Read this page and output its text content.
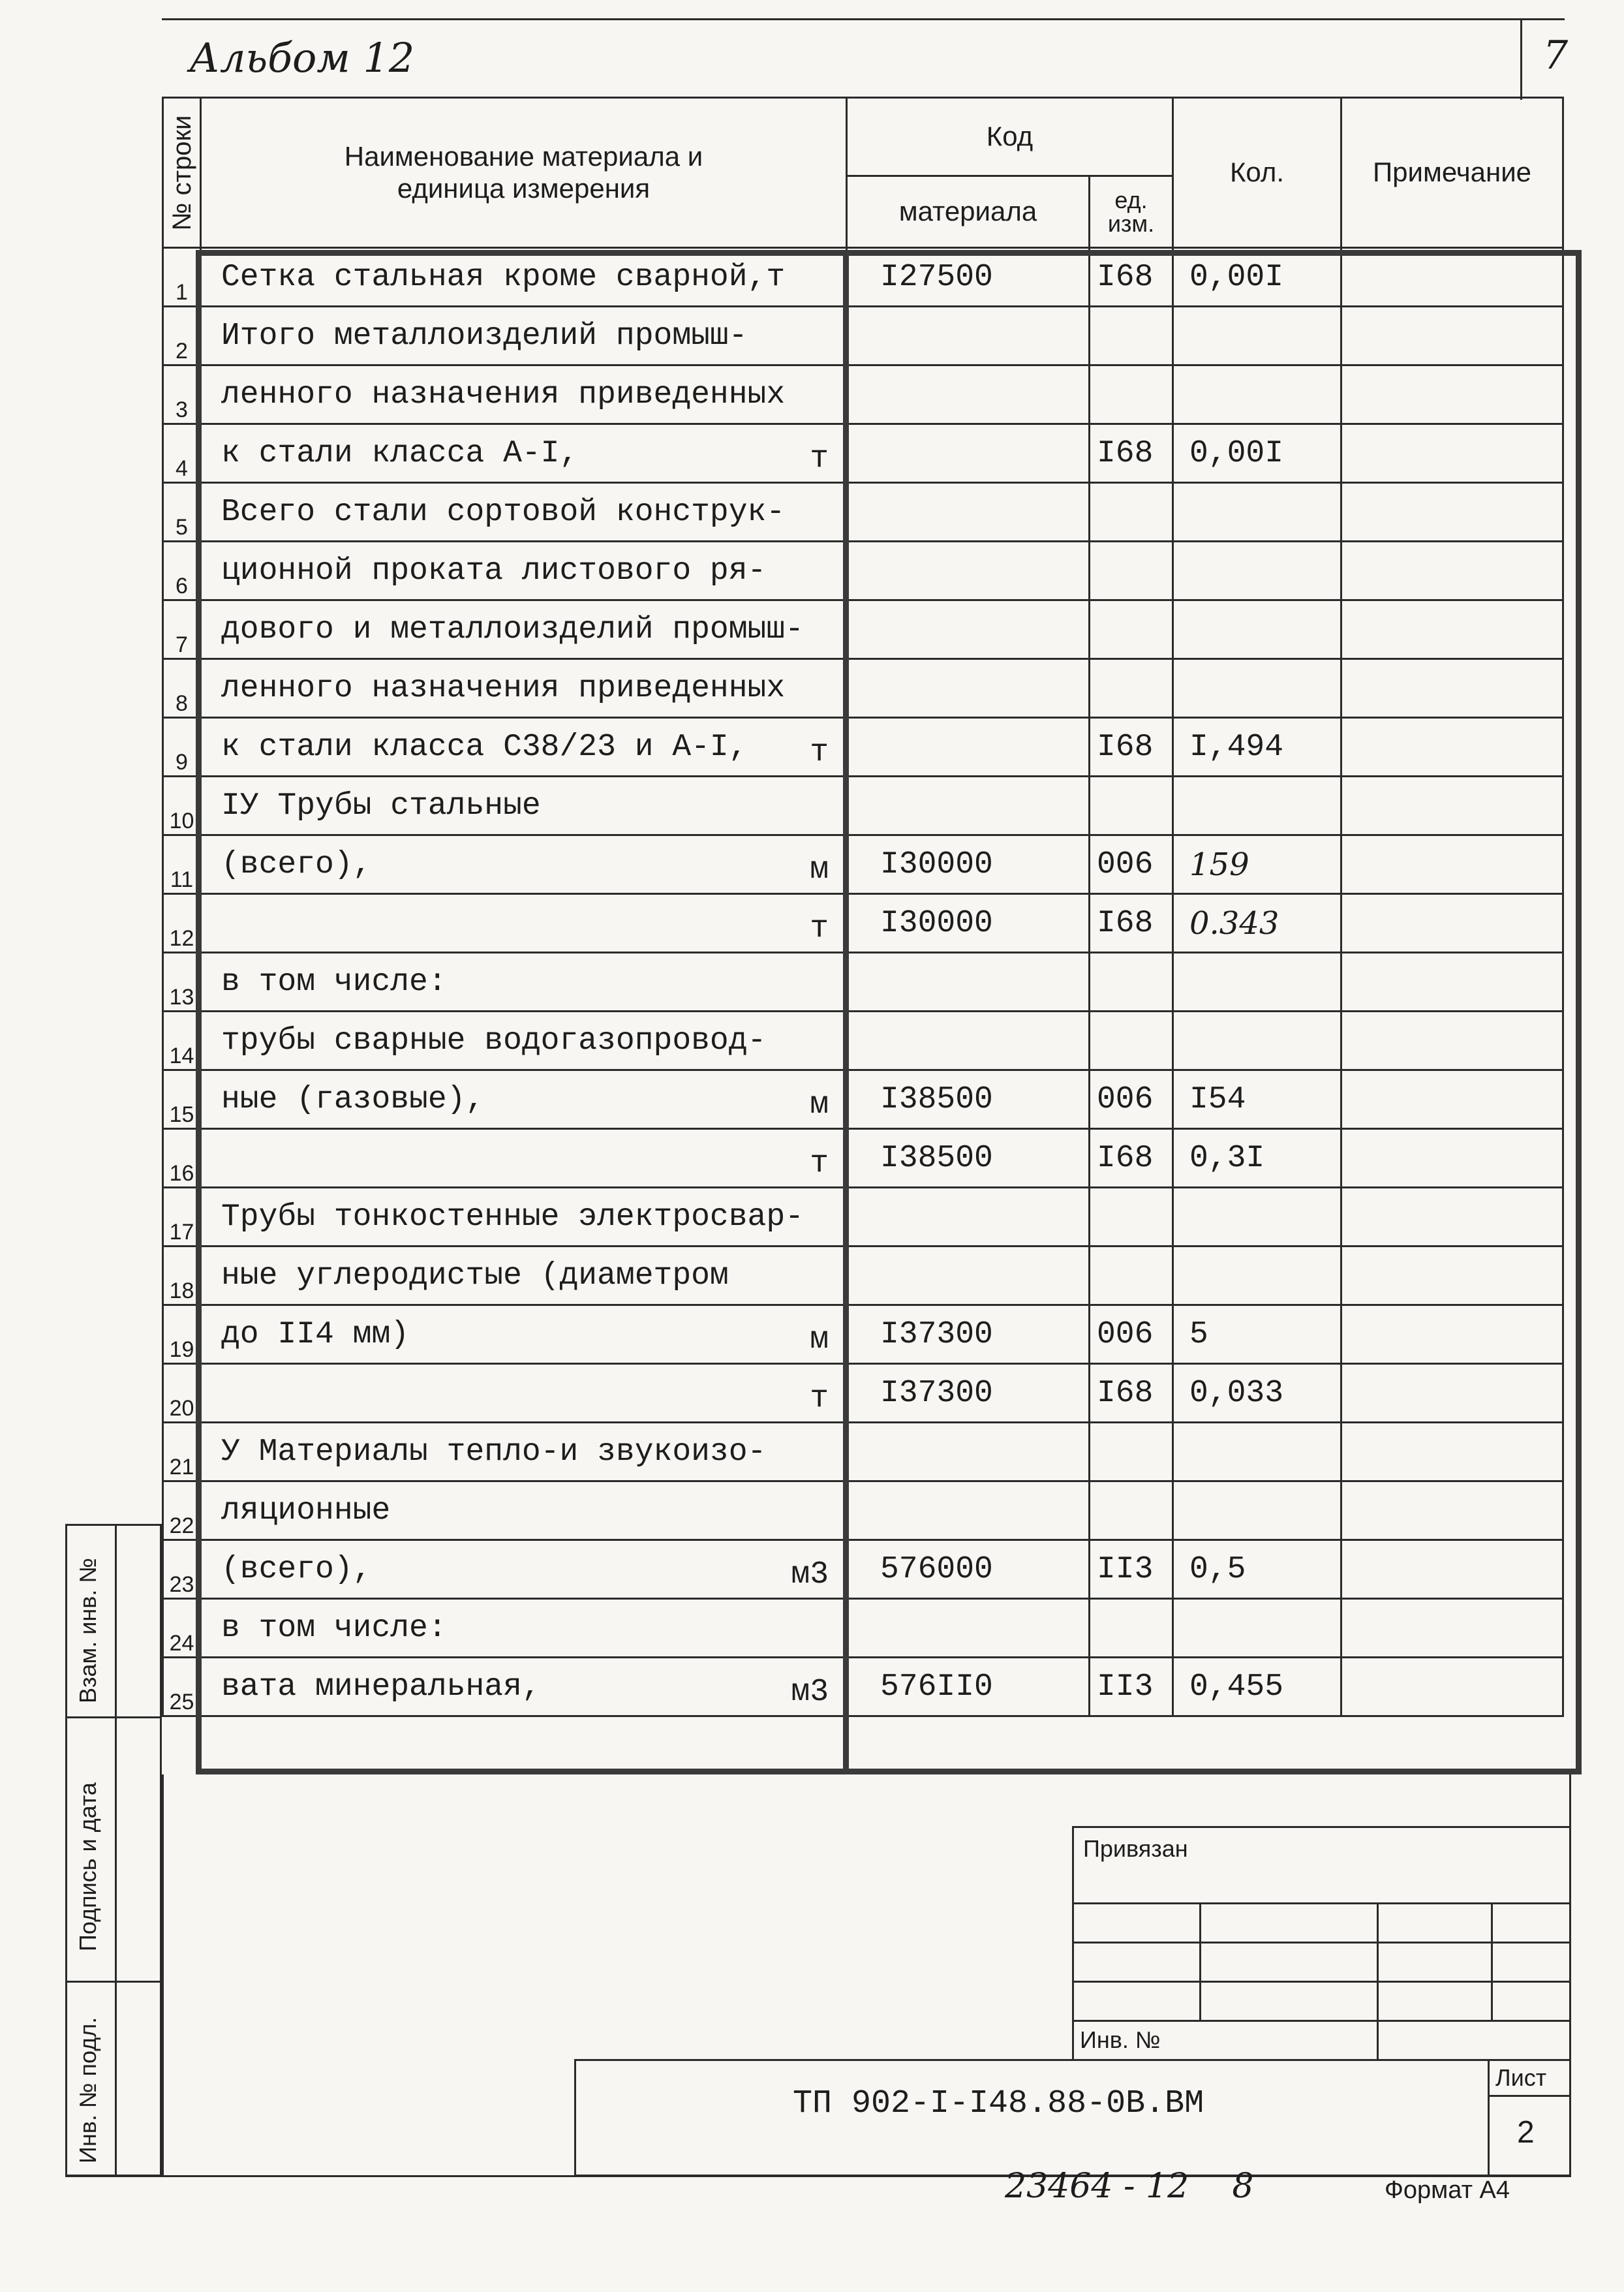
Альбом 12	7
№ строки	Наименование материала и единица измерения	Код		Кол.	Примечание
		материала	ед. изм.		

1	Сетка стальная кроме сварной,т	I27500	I68	0,00I	
2	Итого металлоизделий промыш-

3	ленного назначения приведенных

4	к стали класса А-I, т		I68	0,00I	
5	Всего стали сортовой конструк-

6	ционной проката листового ря-

7	дового и металлоизделий промыш-

8	ленного назначения приведенных

9	к стали класса С38/23 и А-I, т		I68	I,494	
10	IУ Трубы стальные

11	(всего), м	I30000	006	159	
12	т	I30000	I68	0.343	
13	в том числе:

14	трубы сварные водогазопровод-

15	ные (газовые), м	I38500	006	I54	
16	т	I38500	I68	0,3I	
17	Трубы тонкостенные электросвар-

18	ные углеродистые (диаметром

19	до II4 мм) м	I37300	006	5	
20	т	I37300	I68	0,033	
21	У Материалы тепло-и звукоизо-

22	ляционные

23	(всего), м3	576000	II3	0,5	
24	в том числе:

25	вата минеральная, м3	576II0	II3	0,455	
Взам. инв. №
Подпись и дата
Инв. № подл.
Привязан
Инв. №
ТП 902-I-I48.88-0В.ВМ
Лист
2
23464 - 12    8	Формат А4
